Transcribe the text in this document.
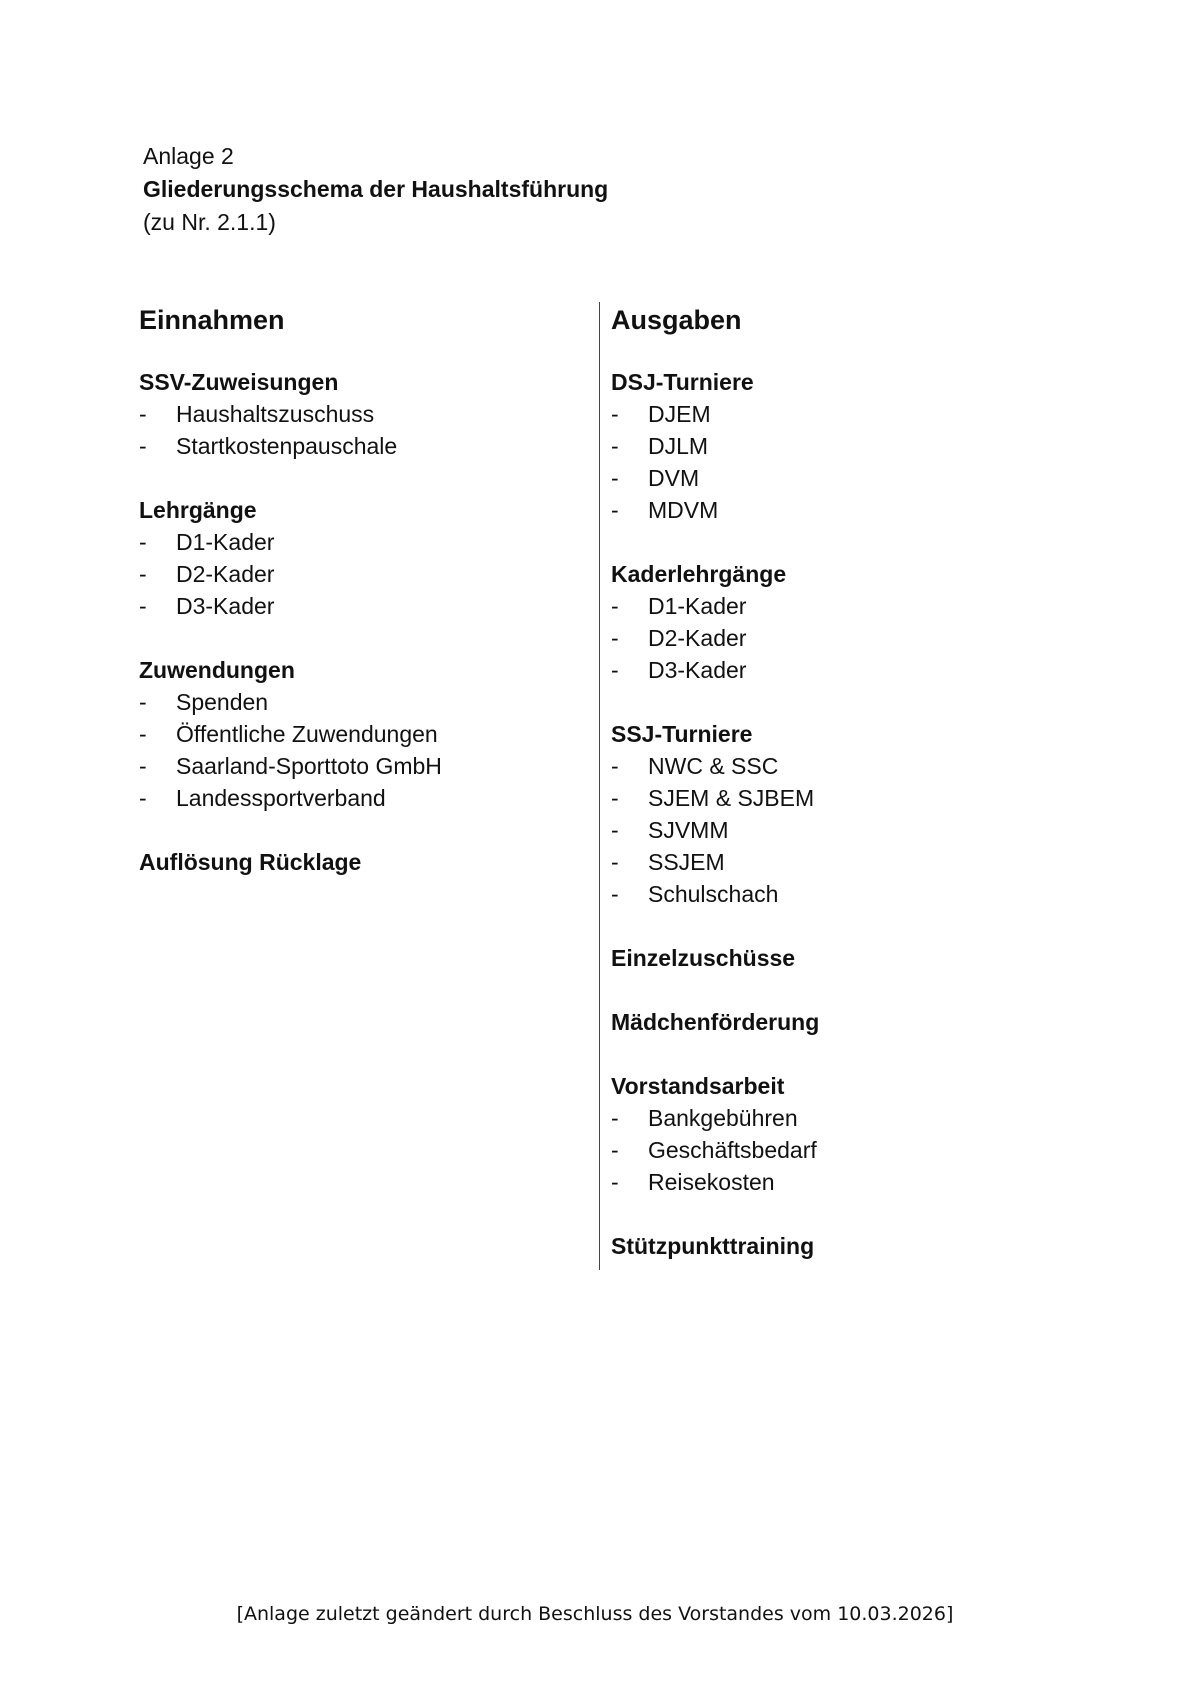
Anlage 2
Gliederungsschema der Haushaltsführung
(zu Nr. 2.1.1)
Einnahmen
SSV-Zuweisungen
-	Haushaltszuschuss
-	Startkostenpauschale
Lehrgänge
-	D1-Kader
-	D2-Kader
-	D3-Kader
Zuwendungen
-	Spenden
-	Öffentliche Zuwendungen
-	Saarland-Sporttoto GmbH
-	Landessportverband
Auflösung Rücklage
Ausgaben
DSJ-Turniere
-	DJEM
-	DJLM
-	DVM
-	MDVM
Kaderlehrgänge
-	D1-Kader
-	D2-Kader
-	D3-Kader
SSJ-Turniere
-	NWC & SSC
-	SJEM & SJBEM
-	SJVMM
-	SSJEM
-	Schulschach
Einzelzuschüsse
Mädchenförderung
Vorstandsarbeit
-	Bankgebühren
-	Geschäftsbedarf
-	Reisekosten
Stützpunkttraining
[Anlage zuletzt geändert durch Beschluss des Vorstandes vom 10.03.2026]
